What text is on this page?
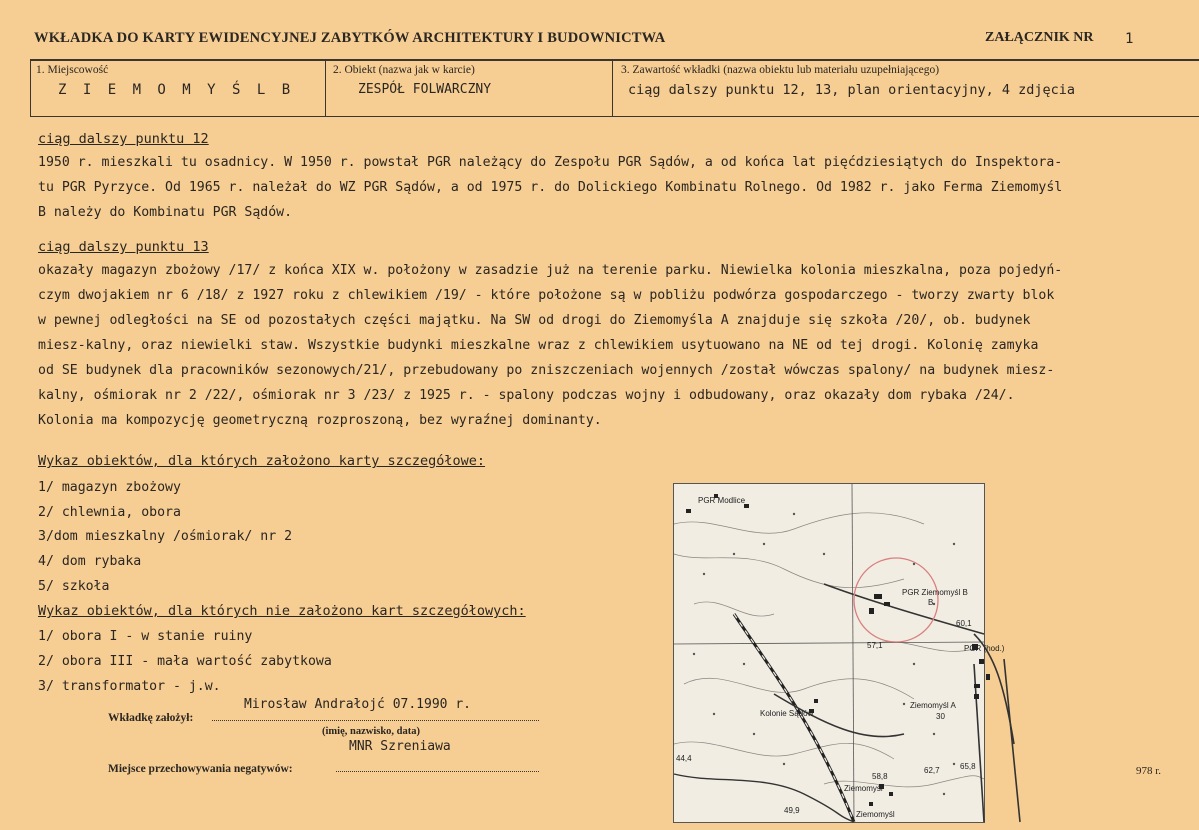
WKŁADKA DO KARTY EWIDENCYJNEJ ZABYTKÓW ARCHITEKTURY I BUDOWNICTWA	ZAŁĄCZNIK NR 1
1. Miejscowość
Z I E M O M Y Ś L B
2. Obiekt (nazwa jak w karcie)
ZESPÓŁ FOLWARCZNY
3. Zawartość wkładki (nazwa obiektu lub materiału uzupełniającego)
ciąg dalszy punktu 12, 13, plan orientacyjny, 4 zdjęcia
ciąg dalszy punktu 12
1950 r. mieszkali tu osadnicy. W 1950 r. powstał PGR należący do Zespołu PGR Sądów, a od końca lat pięćdziesiątych do Inspektora-
tu PGR Pyrzyce. Od 1965 r. należał do WZ PGR Sądów, a od 1975 r. do Dolickiego Kombinatu Rolnego. Od 1982 r. jako Ferma Ziemomyśl
B należy do Kombinatu PGR Sądów.
ciąg dalszy punktu 13
okazały magazyn zbożowy /17/ z końca XIX w. położony w zasadzie już na terenie parku. Niewielka kolonia mieszkalna, poza pojedyń-
czym dwojakiem nr 6 /18/ z 1927 roku z chlewikiem /19/ - które położone są w pobliżu podwórza gospodarczego - tworzy zwarty blok
w pewnej odległości na SE od pozostałych części majątku. Na SW od drogi do Ziemomyśla A znajduje się szkoła /20/, ob. budynek
miesz-kalny, oraz niewielki staw. Wszystkie budynki mieszkalne wraz z chlewikiem usytuowano na NE od tej drogi. Kolonię zamyka
od SE budynek dla pracowników sezonowych/21/, przebudowany po zniszczeniach wojennych /został wówczas spalony/ na budynek miesz-
kalny, ośmiorak nr 2 /22/, ośmiorak nr 3 /23/ z 1925 r. - spalony podczas wojny i odbudowany, oraz okazały dom rybaka /24/.
Kolonia ma kompozycję geometryczną rozproszoną, bez wyraźnej dominanty.
Wykaz obiektów, dla których założono karty szczegółowe:
1/ magazyn zbożowy
2/ chlewnia, obora
3/dom mieszkalny /ośmiorak/ nr 2
4/ dom rybaka
5/ szkoła
Wykaz obiektów, dla których nie założono kart szczegółowych:
1/ obora I - w stanie ruiny
2/ obora III - mała wartość zabytkowa
3/ transformator - j.w.
Mirosław Andrałojć 07.1990 r.
Wkładkę założył:
(imię, nazwisko, data)
MNR Szreniawa
Miejsce przechowywania negatywów:	978 r.
PGR Modlice
PGR Ziemomyśl B
B
PGR (hod.)
Ziemomyśl A
30
Kolonie Sądów
Ziemomyśl
Ziemomyśl
57,1
60,1
58,8
49,9
65,8
62,7
44,4
